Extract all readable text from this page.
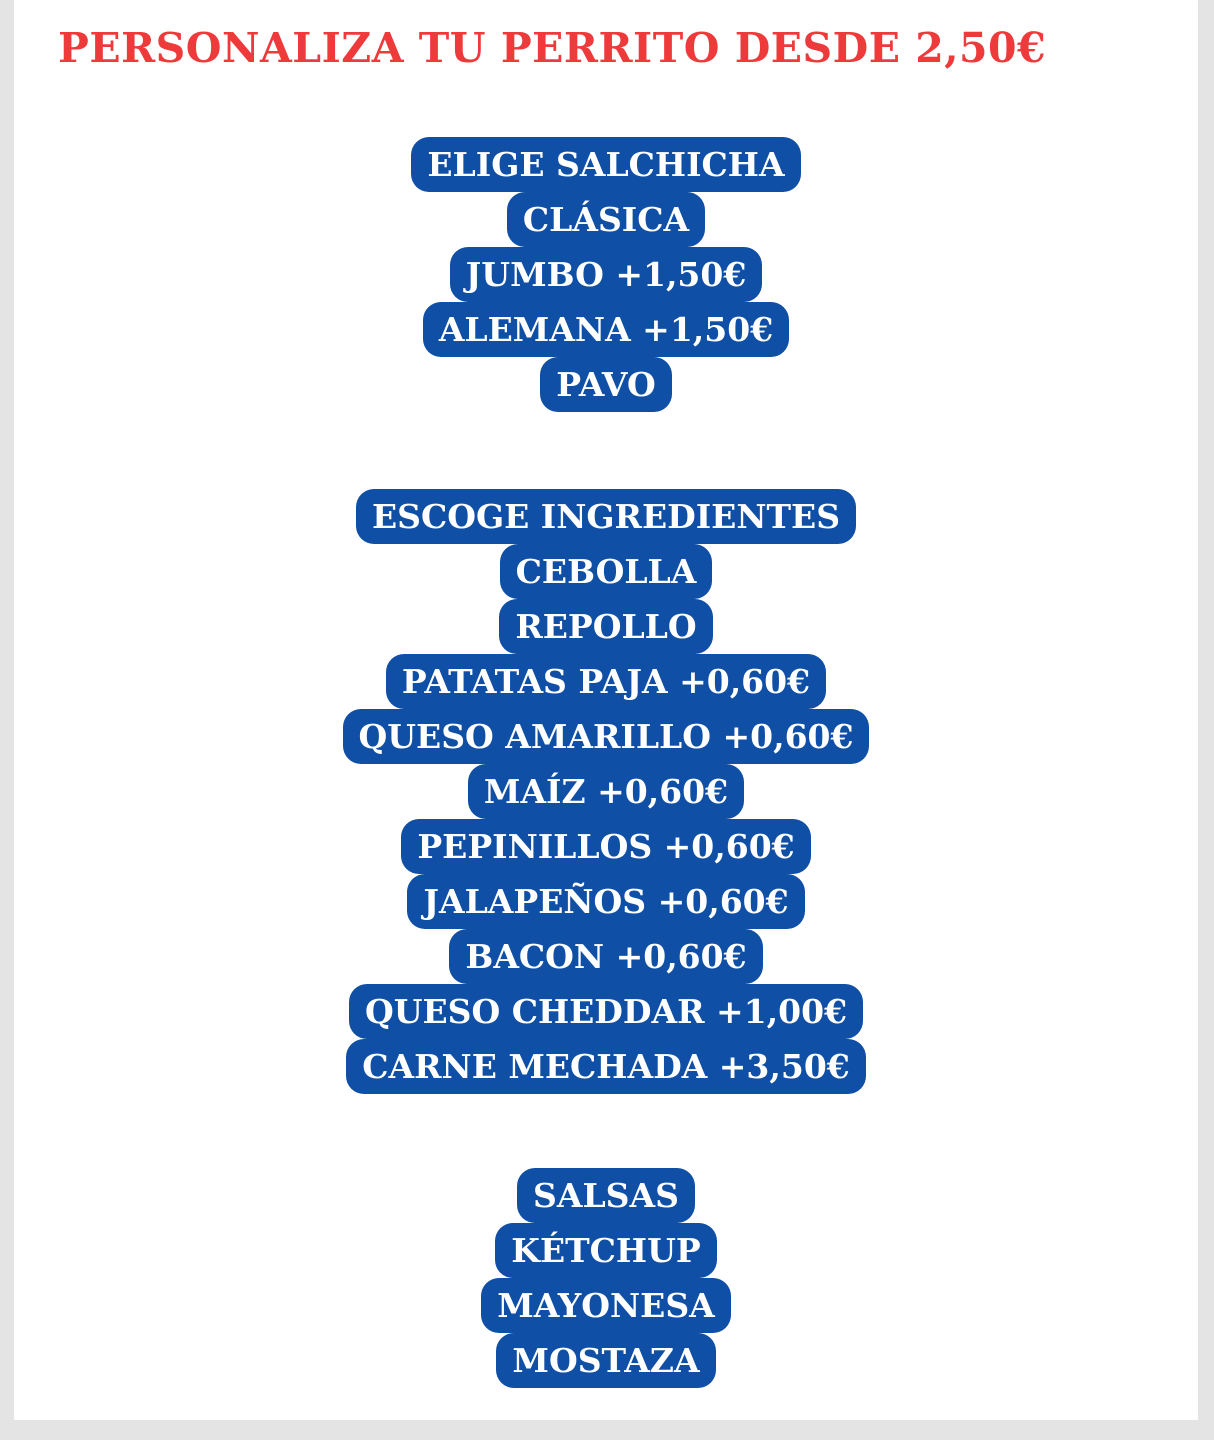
PERSONALIZA TU PERRITO DESDE 2,50€
ELIGE SALCHICHA
CLÁSICA
JUMBO +1,50€
ALEMANA +1,50€
PAVO
ESCOGE INGREDIENTES
CEBOLLA
REPOLLO
PATATAS PAJA +0,60€
QUESO AMARILLO +0,60€
MAÍZ +0,60€
PEPINILLOS +0,60€
JALAPEÑOS +0,60€
BACON +0,60€
QUESO CHEDDAR +1,00€
CARNE MECHADA +3,50€
SALSAS
KÉTCHUP
MAYONESA
MOSTAZA
